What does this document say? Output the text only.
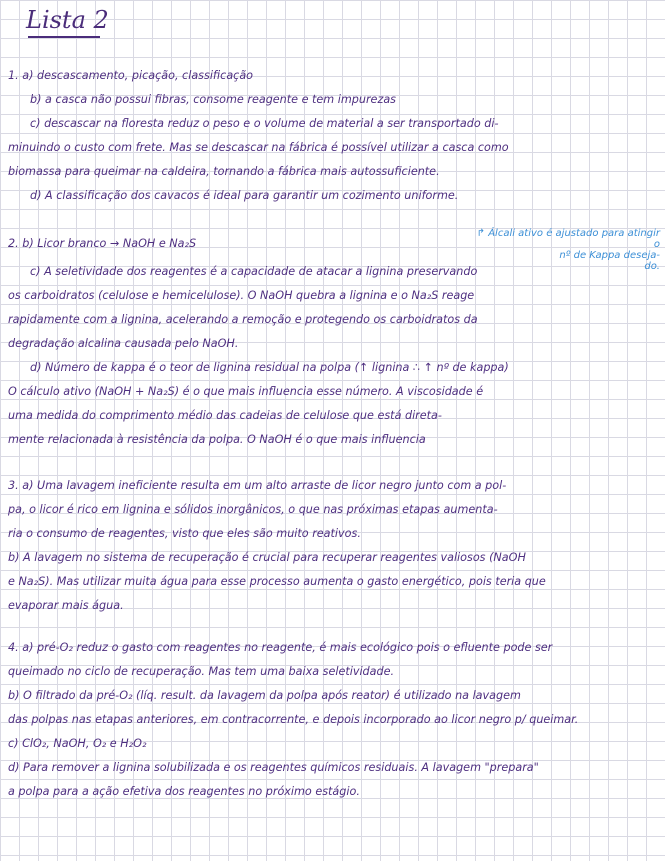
Lista 2
↱ Álcali ativo é ajustado para atingir o
nº de Kappa deseja-
do.
1. a) descascamento, picação, classificação
b) a casca não possui fibras, consome reagente e tem impurezas
c) descascar na floresta reduz o peso e o volume de material a ser transportado di-
minuindo o custo com frete. Mas se descascar na fábrica é possível utilizar a casca como
biomassa para queimar na caldeira, tornando a fábrica mais autossuficiente.
d) A classificação dos cavacos é ideal para garantir um cozimento uniforme.
2. b) Licor branco → NaOH e Na₂S
c) A seletividade dos reagentes é a capacidade de atacar a lignina preservando
os carboidratos (celulose e hemicelulose). O NaOH quebra a lignina e o Na₂S reage
rapidamente com a lignina, acelerando a remoção e protegendo os carboidratos da
degradação alcalina causada pelo NaOH.
d) Número de kappa é o teor de lignina residual na polpa (↑ lignina ∴ ↑ nº de kappa)
O cálculo ativo (NaOH + Na₂S) é o que mais influencia esse número. A viscosidade é
uma medida do comprimento médio das cadeias de celulose que está direta-
mente relacionada à resistência da polpa. O NaOH é o que mais influencia
3. a) Uma lavagem ineficiente resulta em um alto arraste de licor negro junto com a pol-
pa, o licor é rico em lignina e sólidos inorgânicos, o que nas próximas etapas aumenta-
ria o consumo de reagentes, visto que eles são muito reativos.
b) A lavagem no sistema de recuperação é crucial para recuperar reagentes valiosos (NaOH
e Na₂S). Mas utilizar muita água para esse processo aumenta o gasto energético, pois teria que
evaporar mais água.
4. a) pré-O₂ reduz o gasto com reagentes no reagente, é mais ecológico pois o efluente pode ser
queimado no ciclo de recuperação. Mas tem uma baixa seletividade.
b) O filtrado da pré-O₂ (líq. result. da lavagem da polpa após reator) é utilizado na lavagem
das polpas nas etapas anteriores, em contracorrente, e depois incorporado ao licor negro p/ queimar.
c) ClO₂, NaOH, O₂ e H₂O₂
d) Para remover a lignina solubilizada e os reagentes químicos residuais. A lavagem "prepara"
a polpa para a ação efetiva dos reagentes no próximo estágio.
